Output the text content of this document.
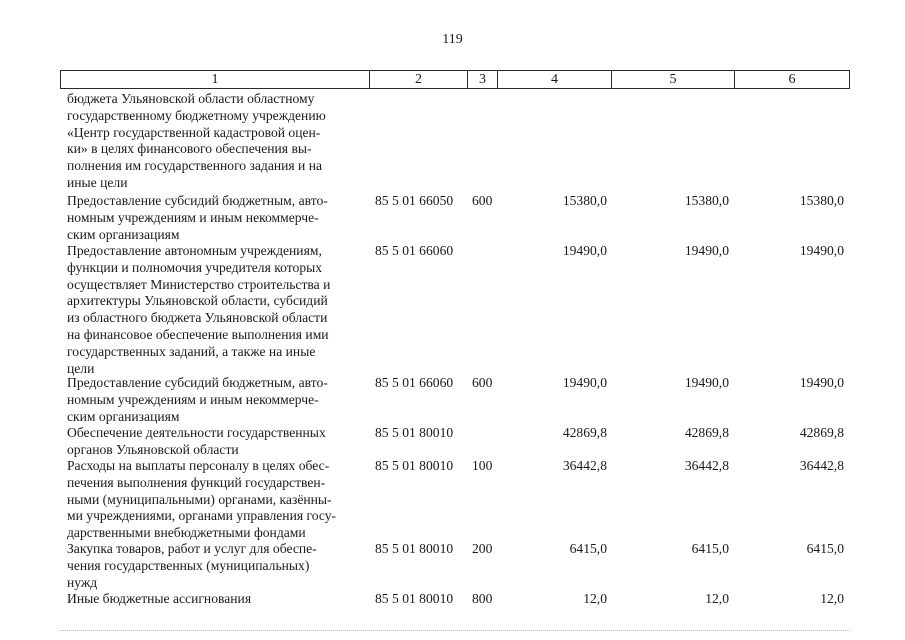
119
1	2	3	4	5	6
бюджета Ульяновской области областному
государственному бюджетному учреждению
«Центр государственной кадастровой оцен-
ки» в целях финансового обеспечения вы-
полнения им государственного задания и на
иные цели
Предоставление субсидий бюджетным, авто-
номным учреждениям и иным некоммерче-
ским организациям
85 5 01 66050 600	15380,0	15380,0	15380,0
Предоставление автономным учреждениям,
функции и полномочия учредителя которых
осуществляет Министерство строительства и
архитектуры Ульяновской области, субсидий
из областного бюджета Ульяновской области
на финансовое обеспечение выполнения ими
государственных заданий, а также на иные
цели
85 5 01 66060	19490,0	19490,0	19490,0
Предоставление субсидий бюджетным, авто-
номным учреждениям и иным некоммерче-
ским организациям
85 5 01 66060 600	19490,0	19490,0	19490,0
Обеспечение деятельности государственных
органов Ульяновской области
85 5 01 80010	42869,8	42869,8	42869,8
Расходы на выплаты персоналу в целях обес-
печения выполнения функций государствен-
ными (муниципальными) органами, казённы-
ми учреждениями, органами управления госу-
дарственными внебюджетными фондами
85 5 01 80010 100	36442,8	36442,8	36442,8
Закупка товаров, работ и услуг для обеспе-
чения государственных (муниципальных)
нужд
85 5 01 80010 200	6415,0	6415,0	6415,0
Иные бюджетные ассигнования	85 5 01 80010 800	12,0	12,0	12,0
